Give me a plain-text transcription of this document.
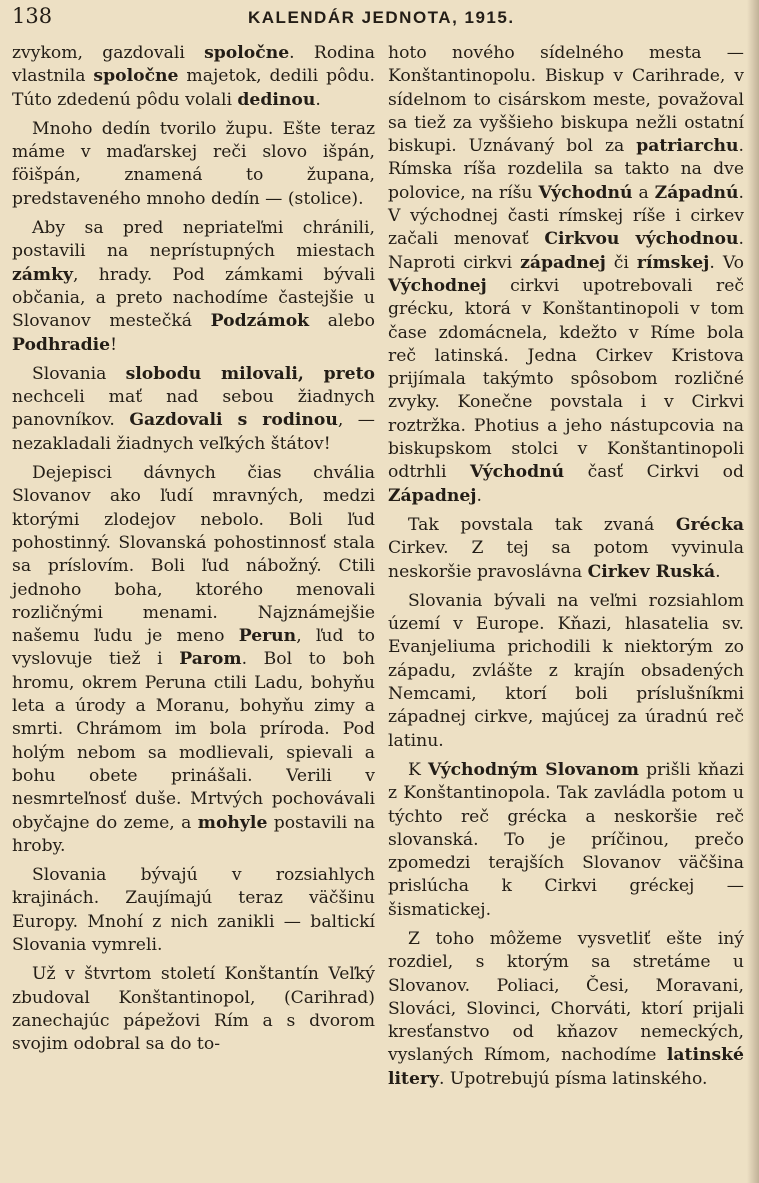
138	KALENDÁR JEDNOTA, 1915.

zvykom, gazdovali spoločne. Rodina vlastnila spoločne majetok, dedili pôdu. Túto zdedenú pôdu volali dedinou.

Mnoho dedín tvorilo župu. Ešte teraz máme v maďarskej reči slovo išpán, föišpán, znamená to županа, predstaveného mnoho dedín — (stolice).

Aby sa pred nepriateľmi chránili, postavili na neprístupných miestach zámky, hrady. Pod zámkami bývali občania, a preto nachodíme častejšie u Slovanov mestečká Podzámok alebo Podhradie!

Slovania slobodu milovali, preto nechceli mať nad sebou žiadnych panovníkov. Gazdovali s rodinou, — nezakladali žiadnych veľkých štátov!

Dejepisci dávnych čias chvália Slovanov ako ľudí mravných, medzi ktorými zlodejov nebolo. Boli ľud pohostinný. Slovanská pohostinnosť stala sa príslovím. Boli ľud nábožný. Ctili jednoho boha, ktorého menovali rozličnými menami. Najznámejšie našemu ľudu je meno Perun, ľud to vyslovuje tiež i Parom. Bol to boh hromu, okrem Peruna ctili Ladu, bohyňu leta a úrody a Moranu, bohyňu zimy a smrti. Chrámom im bola príroda. Pod holým nebom sa modlievali, spievali a bohu obete prinášali. Verili v nesmrteľnosť duše. Mrtvých pochovávali obyčajne do zeme, a mohyle postavili na hroby.

Slovania bývajú v rozsiahlych krajinách. Zaujímajú teraz väčšinu Europy. Mnohí z nich zanikli — baltickí Slovania vymreli.

Už v štvrtom století Konštantín Veľký zbudoval Konštantinopol, (Carihrad) zanechajúc pápežovi Rím a s dvorom svojim odobral sa do to-

hoto nového sídelného mesta — Konštantinopolu. Biskup v Carihrade, v sídelnom to cisárskom meste, považoval sa tiež za vyššieho biskupa nežli ostatní biskupi. Uznávaný bol za patriarchu. Rímska ríša rozdelila sa takto na dve polovice, na ríšu Východnú a Západnú. V východnej časti rímskej ríše i cirkev začali menovať Cirkvou východnou. Naproti cirkvi západnej či rímskej. Vo Východnej cirkvi upotrebovali reč grécku, ktorá v Konštantinopoli v tom čase zdomácnela, kdežto v Ríme bola reč latinská. Jedna Cirkev Kristova prijímala takýmto spôsobom rozličné zvyky. Konečne povstala i v Cirkvi roztržka. Photius a jeho nástupcovia na biskupskom stolci v Konštantinopoli odtrhli Východnú časť Cirkvi od Západnej.

Tak povstala tak zvaná Grécka Cirkev. Z tej sa potom vyvinula neskoršie pravoslávna Cirkev Ruská.

Slovania bývali na veľmi rozsiahlom území v Europe. Kňazi, hlasatelia sv. Evanjeliuma prichodili k niektorým zo západu, zvlášte z krajín obsadených Nemcami, ktorí boli príslušníkmi západnej cirkve, majúcej za úradnú reč latinu.

K Východným Slovanom prišli kňazi z Konštantinopola. Tak zavládla potom u týchto reč grécka a neskoršie reč slovanská. To je príčinou, prečo zpomedzi terajších Slovanov väčšina prislúcha k Cirkvi gréckej — šismatickej.

Z toho môžeme vysvetliť ešte iný rozdiel, s ktorým sa stretáme u Slovanov. Poliaci, Česi, Moravani, Slováci, Slovinci, Chorváti, ktorí prijali kresťanstvo od kňazov nemeckých, vyslaných Rímom, nachodíme latinské litery. Upotrebujú písma latinského.
